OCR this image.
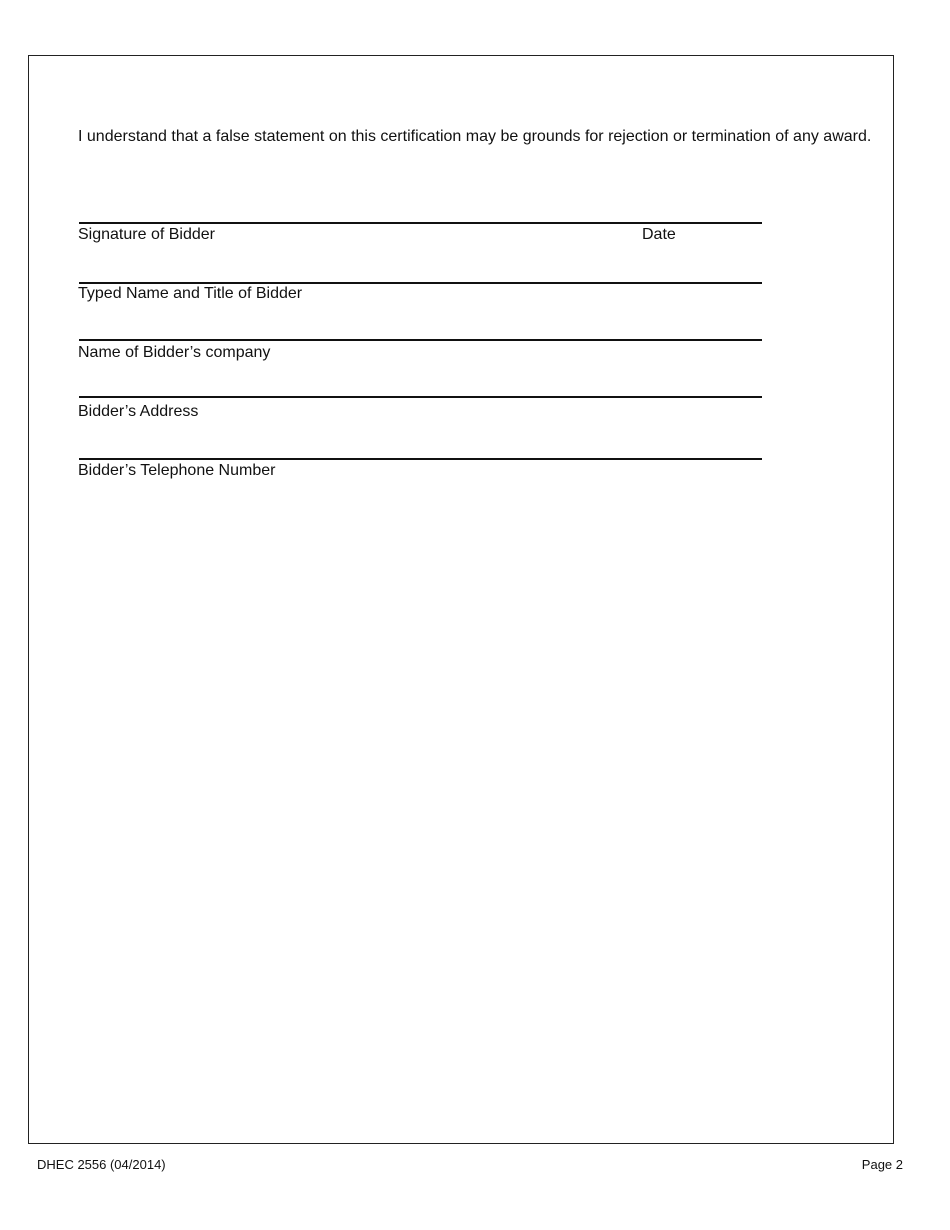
I understand that a false statement on this certification may be grounds for rejection or termination of any award.
Signature of Bidder	Date
Typed Name and Title of Bidder
Name of Bidder’s company
Bidder’s Address
Bidder’s Telephone Number
DHEC 2556 (04/2014)	Page 2
